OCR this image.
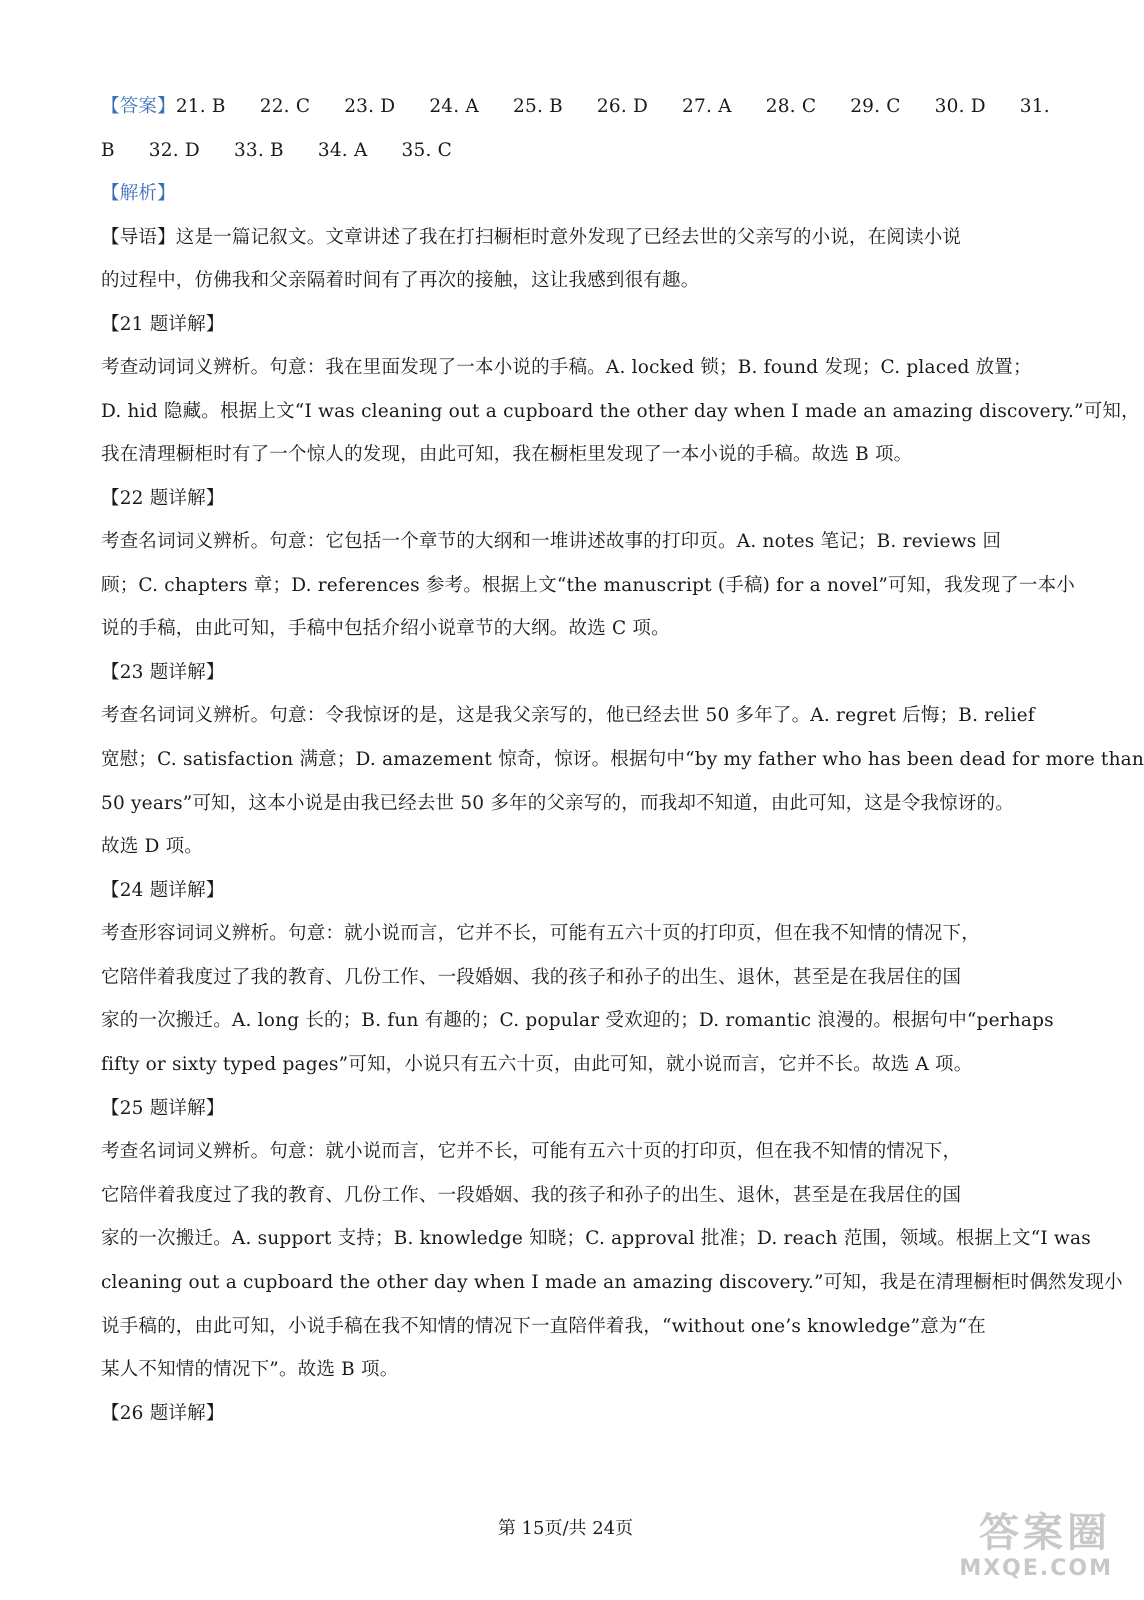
【答案】21. B 22. C 23. D 24. A 25. B 26. D 27. A 28. C 29. C 30. D 31.
B 32. D 33. B 34. A 35. C
【解析】
【导语】这是一篇记叙文。文章讲述了我在打扫橱柜时意外发现了已经去世的父亲写的小说，在阅读小说
的过程中，仿佛我和父亲隔着时间有了再次的接触，这让我感到很有趣。
【21 题详解】
考查动词词义辨析。句意：我在里面发现了一本小说的手稿。A. locked 锁；B. found 发现；C. placed 放置；
D. hid 隐藏。根据上文“I was cleaning out a cupboard the other day when I made an amazing discovery.”可知，
我在清理橱柜时有了一个惊人的发现，由此可知，我在橱柜里发现了一本小说的手稿。故选 B 项。
【22 题详解】
考查名词词义辨析。句意：它包括一个章节的大纲和一堆讲述故事的打印页。A. notes 笔记；B. reviews 回
顾；C. chapters 章；D. references 参考。根据上文“the manuscript (手稿) for a novel”可知，我发现了一本小
说的手稿，由此可知，手稿中包括介绍小说章节的大纲。故选 C 项。
【23 题详解】
考查名词词义辨析。句意：令我惊讶的是，这是我父亲写的，他已经去世 50 多年了。A. regret 后悔；B. relief
宽慰；C. satisfaction 满意；D. amazement 惊奇，惊讶。根据句中“by my father who has been dead for more than
50 years”可知，这本小说是由我已经去世 50 多年的父亲写的，而我却不知道，由此可知，这是令我惊讶的。
故选 D 项。
【24 题详解】
考查形容词词义辨析。句意：就小说而言，它并不长，可能有五六十页的打印页，但在我不知情的情况下，
它陪伴着我度过了我的教育、几份工作、一段婚姻、我的孩子和孙子的出生、退休，甚至是在我居住的国
家的一次搬迁。A. long 长的；B. fun 有趣的；C. popular 受欢迎的；D. romantic 浪漫的。根据句中“perhaps
fifty or sixty typed pages”可知，小说只有五六十页，由此可知，就小说而言，它并不长。故选 A 项。
【25 题详解】
考查名词词义辨析。句意：就小说而言，它并不长，可能有五六十页的打印页，但在我不知情的情况下，
它陪伴着我度过了我的教育、几份工作、一段婚姻、我的孩子和孙子的出生、退休，甚至是在我居住的国
家的一次搬迁。A. support 支持；B. knowledge 知晓；C. approval 批准；D. reach 范围，领域。根据上文“I was
cleaning out a cupboard the other day when I made an amazing discovery.”可知，我是在清理橱柜时偶然发现小
说手稿的，由此可知，小说手稿在我不知情的情况下一直陪伴着我，“without one’s knowledge”意为“在
某人不知情的情况下”。故选 B 项。
【26 题详解】
第 15页/共 24页	答案圈
MXQE.COM
